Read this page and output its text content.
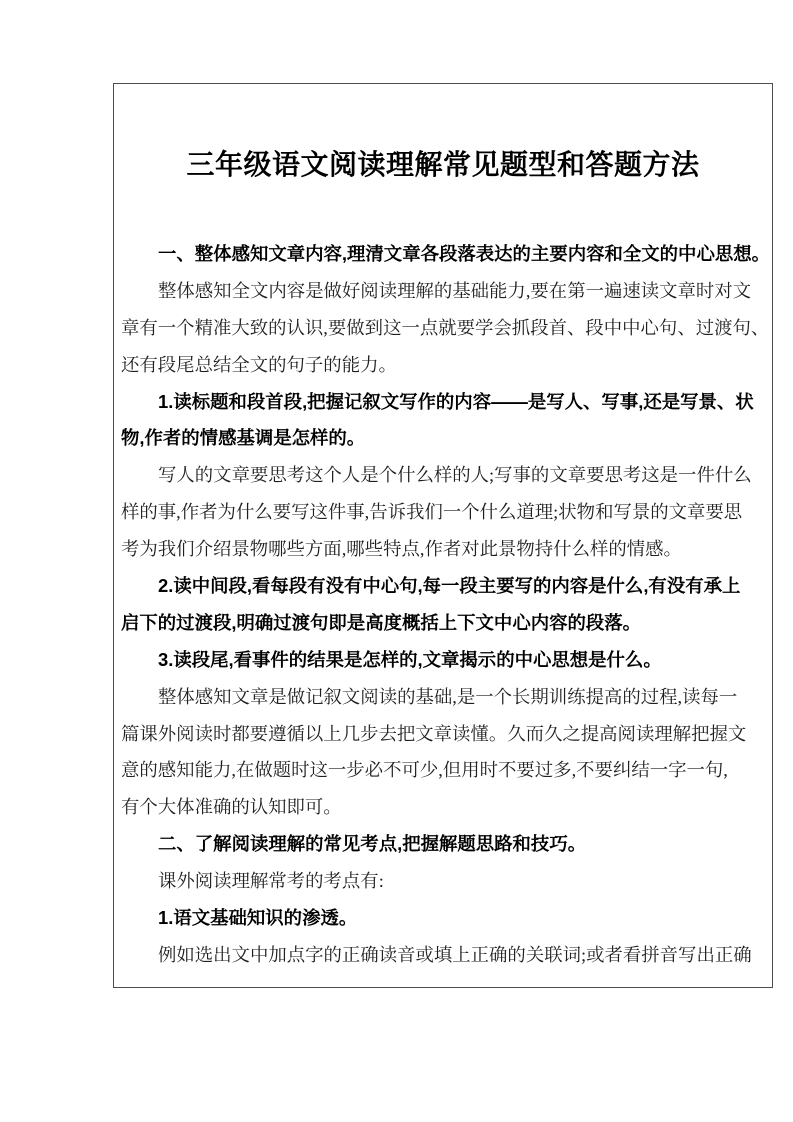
三年级语文阅读理解常见题型和答题方法
一、整体感知文章内容,理清文章各段落表达的主要内容和全文的中心思想。
整体感知全文内容是做好阅读理解的基础能力,要在第一遍速读文章时对文
章有一个精准大致的认识,要做到这一点就要学会抓段首、段中中心句、过渡句、
还有段尾总结全文的句子的能力。
1.读标题和段首段,把握记叙文写作的内容——是写人、写事,还是写景、状
物,作者的情感基调是怎样的。
写人的文章要思考这个人是个什么样的人;写事的文章要思考这是一件什么
样的事,作者为什么要写这件事,告诉我们一个什么道理;状物和写景的文章要思
考为我们介绍景物哪些方面,哪些特点,作者对此景物持什么样的情感。
2.读中间段,看每段有没有中心句,每一段主要写的内容是什么,有没有承上
启下的过渡段,明确过渡句即是高度概括上下文中心内容的段落。
3.读段尾,看事件的结果是怎样的,文章揭示的中心思想是什么。
整体感知文章是做记叙文阅读的基础,是一个长期训练提高的过程,读每一
篇课外阅读时都要遵循以上几步去把文章读懂。久而久之提高阅读理解把握文
意的感知能力,在做题时这一步必不可少,但用时不要过多,不要纠结一字一句,
有个大体准确的认知即可。
二、了解阅读理解的常见考点,把握解题思路和技巧。
课外阅读理解常考的考点有:
1.语文基础知识的渗透。
例如选出文中加点字的正确读音或填上正确的关联词;或者看拼音写出正确
